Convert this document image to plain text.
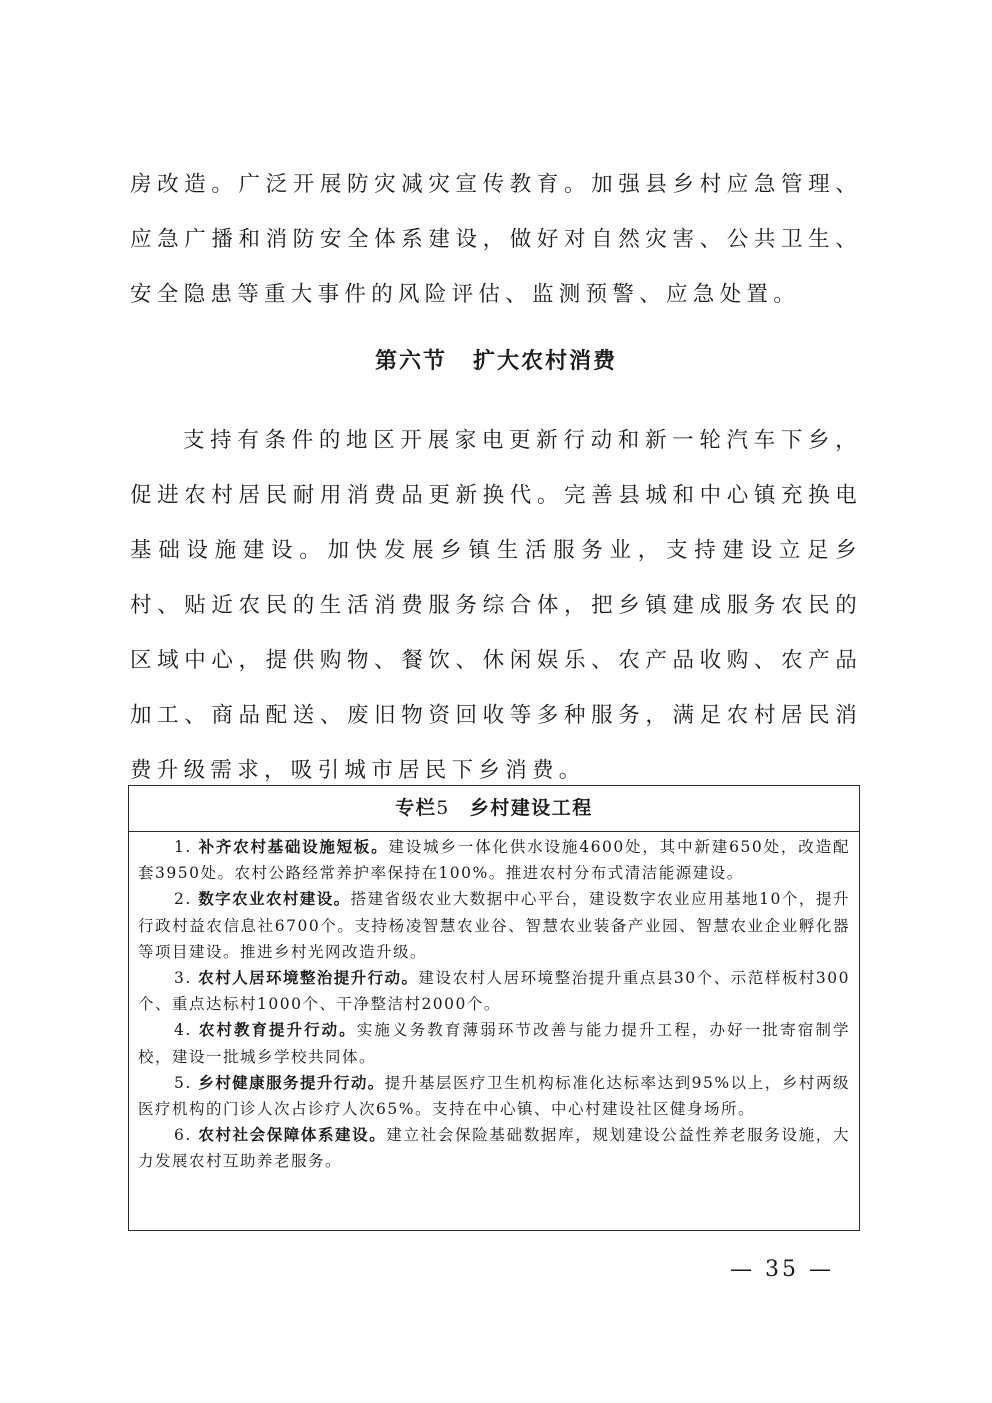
房改造。广泛开展防灾减灾宣传教育。加强县乡村应急管理、应急广播和消防安全体系建设，做好对自然灾害、公共卫生、安全隐患等重大事件的风险评估、监测预警、应急处置。

第六节 扩大农村消费

支持有条件的地区开展家电更新行动和新一轮汽车下乡，促进农村居民耐用消费品更新换代。完善县城和中心镇充换电基础设施建设。加快发展乡镇生活服务业，支持建设立足乡村、贴近农民的生活消费服务综合体，把乡镇建成服务农民的区域中心，提供购物、餐饮、休闲娱乐、农产品收购、农产品加工、商品配送、废旧物资回收等多种服务，满足农村居民消费升级需求，吸引城市居民下乡消费。

专栏5 乡村建设工程

1. 补齐农村基础设施短板。建设城乡一体化供水设施4600处，其中新建650处，改造配套3950处。农村公路经常养护率保持在100%。推进农村分布式清洁能源建设。

2. 数字农业农村建设。搭建省级农业大数据中心平台，建设数字农业应用基地10个，提升行政村益农信息社6700个。支持杨凌智慧农业谷、智慧农业装备产业园、智慧农业企业孵化器等项目建设。推进乡村光网改造升级。

3. 农村人居环境整治提升行动。建设农村人居环境整治提升重点县30个、示范样板村300个、重点达标村1000个、干净整洁村2000个。

4. 农村教育提升行动。实施义务教育薄弱环节改善与能力提升工程，办好一批寄宿制学校，建设一批城乡学校共同体。

5. 乡村健康服务提升行动。提升基层医疗卫生机构标准化达标率达到95%以上，乡村两级医疗机构的门诊人次占诊疗人次65%。支持在中心镇、中心村建设社区健身场所。

6. 农村社会保障体系建设。建立社会保险基础数据库，规划建设公益性养老服务设施，大力发展农村互助养老服务。

— 35 —
